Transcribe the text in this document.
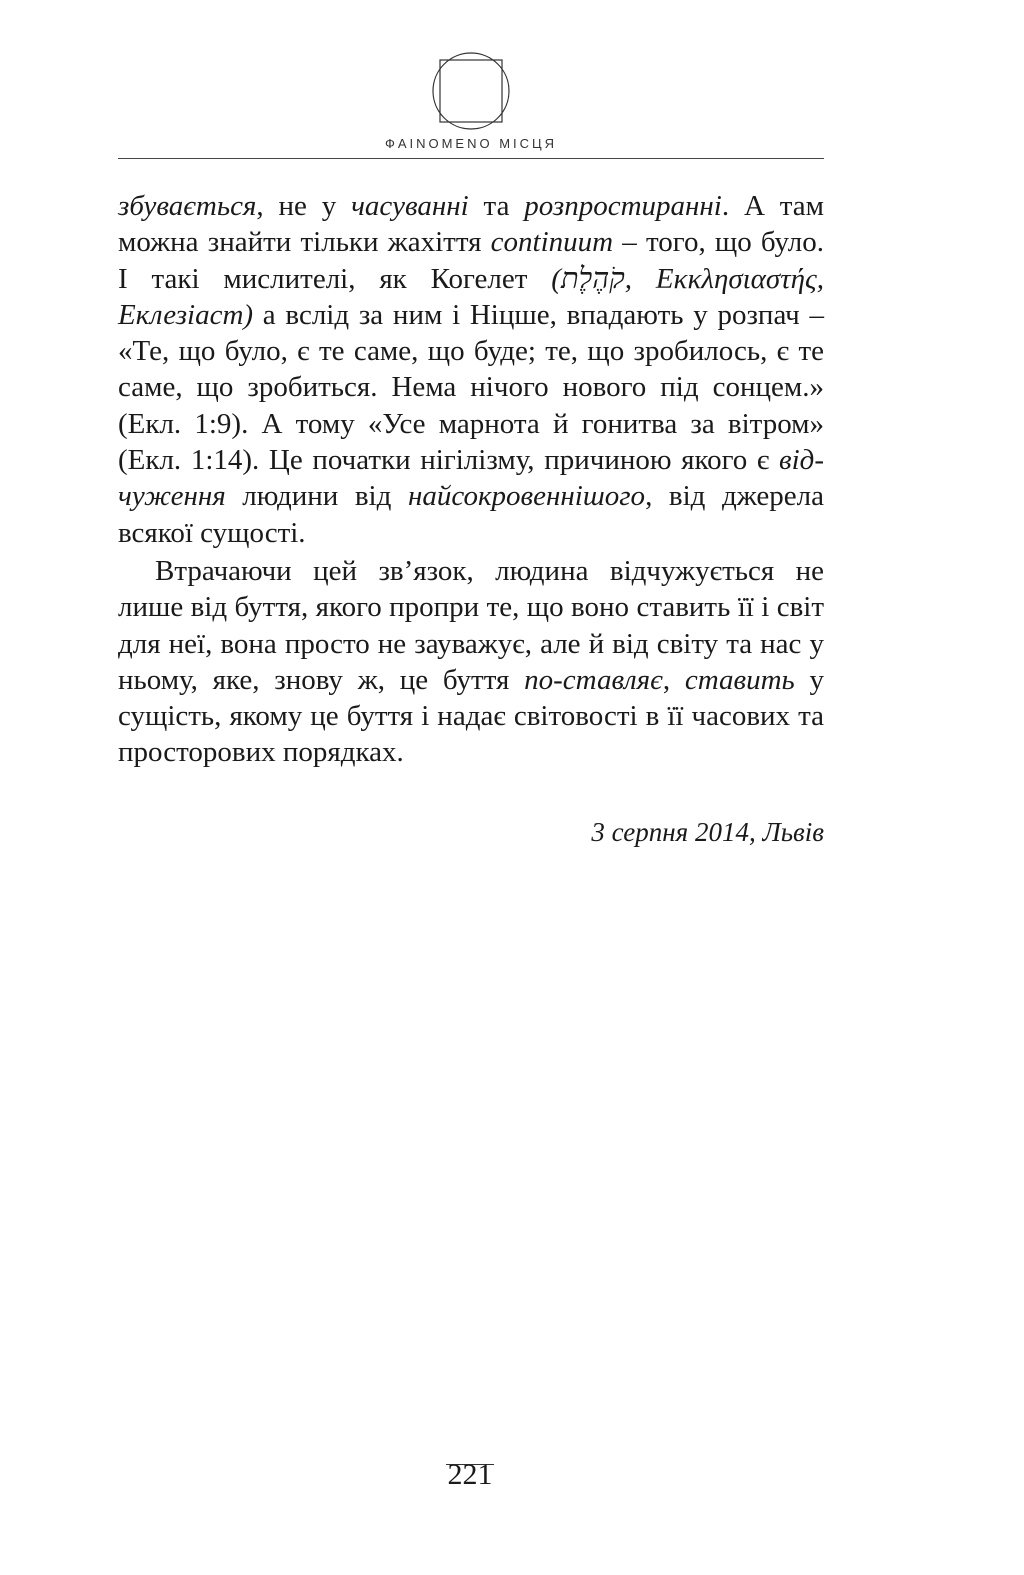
ФAINOMENO МІСЦЯ

збувається, не у часуванні та розпростиранні. А там можна знайти тільки жахіття continuum – того, що було. І такі мислителі, як Когелет (קֹהֶלֶת, Εκκλησιαστής, Еклезіаст) а вслід за ним і Ніцше, впадають у розпач – «Те, що було, є те саме, що буде; те, що зробилось, є те саме, що зробиться. Нема нічого нового під сонцем.» (Екл. 1:9). А тому «Усе марнота й гонитва за вітром» (Екл. 1:14). Це початки нігілізму, причиною якого є від-чуження людини від найсокровеннішого, від джерела всякої сущості.

Втрачаючи цей зв’язок, людина відчужується не лише від буття, якого пропри те, що воно ставить її і світ для неї, вона просто не зауважує, але й від світу та нас у ньому, яке, знову ж, це буття по-ставляє, ставить у сущість, якому це буття і надає свiтовості в її часових та просторових порядках.

3 серпня 2014, Львів
221
